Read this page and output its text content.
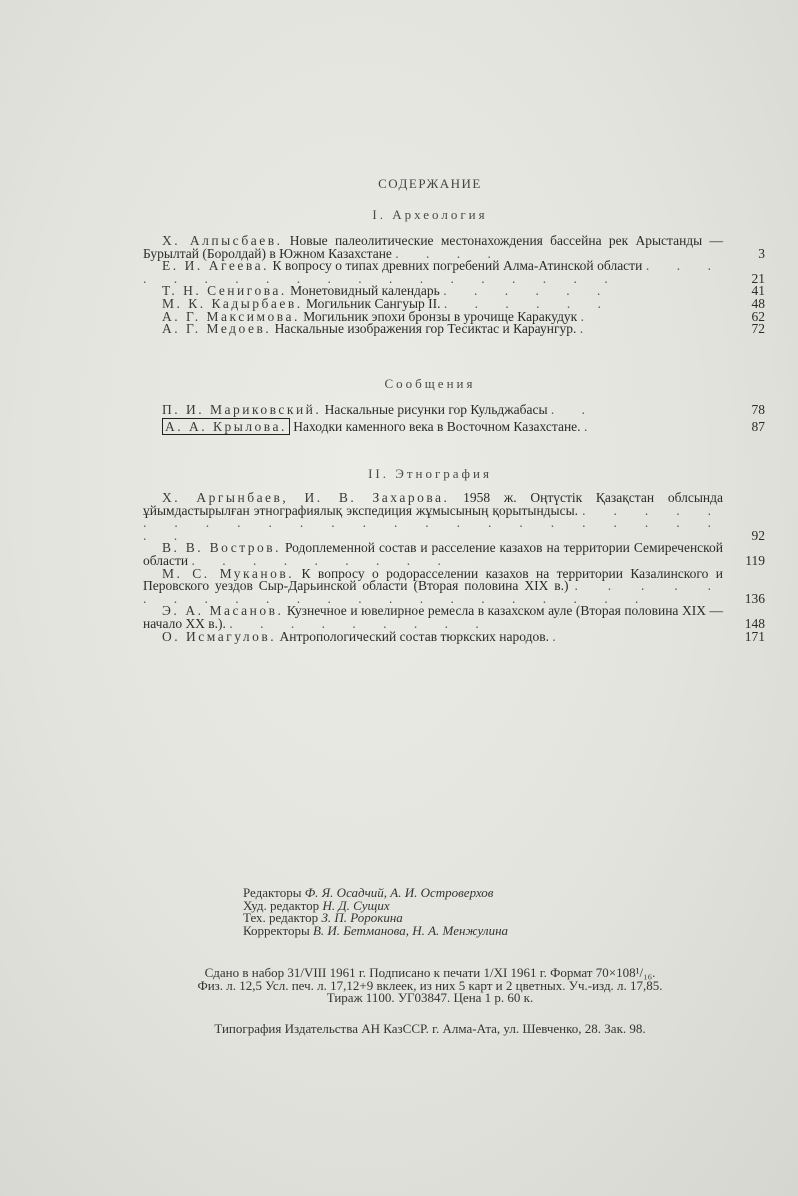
СОДЕРЖАНИЕ
I. Археология
Х. Алпысбаев. Новые палеолитические местонахождения бассейна рек Арыстанды — Бурылтай (Боролдай) в Южном Казахстане . . . .	3
Е. И. Агеева. К вопросу о типах древних погребений Алма-Атинской области . . . . . . . . . . . . . . . . . . .	21
Т. Н. Сенигова. Монетовидный календарь . . . . . .	41
М. К. Кадырбаев. Могильник Сангуыр II. . . . . . .	48
А. Г. Максимова. Могильник эпохи бронзы в урочище Каракудук .	62
А. Г. Медоев. Наскальные изображения гор Тесиктас и Караунгур. .	72
Сообщения
П. И. Мариковский. Наскальные рисунки гор Кульджабасы . .	78
А. А. Крылова. Находки каменного века в Восточном Казахстане. .	87
II. Этнография
Х. Аргынбаев, И. В. Захарова. 1958 ж. Оңтүстік Қазақстан облсында ұйымдастырылған этнографиялық экспедиция жұмысының қорытындысы. . . . . . . . . . . . . . . . . . . . . . . . . . .	92
В. В. Востров. Родоплеменной состав и расселение казахов на территории Семиреченской области . . . . . . . . .	119
М. С. Муканов. К вопросу о родорасселении казахов на территории Казалинского и Перовского уездов Сыр-Дарьинской области (Вторая половина XIX в.) . . . . . . . . . . . . . . . . . . . . . .	136
Э. А. Масанов. Кузнечное и ювелирное ремесла в казахском ауле (Вторая половина XIX — начало XX в.). . . . . . . . . .	148
О. Исмагулов. Антропологический состав тюркских народов. .	171
Редакторы Ф. Я. Осадчий, А. И. Островерхов
Худ. редактор Н. Д. Сущих
Тех. редактор З. П. Ророкина
Корректоры В. И. Бетманова, Н. А. Менжулина
Сдано в набор 31/VIII 1961 г. Подписано к печати 1/XI 1961 г. Формат 70×108¹/₁₆.
Физ. л. 12,5 Усл. печ. л. 17,12+9 вклеек, из них 5 карт и 2 цветных. Уч.-изд. л. 17,85.
Тираж 1100. УГ03847. Цена 1 р. 60 к.
Типография Издательства АН КазССР. г. Алма-Ата, ул. Шевченко, 28. Зак. 98.
